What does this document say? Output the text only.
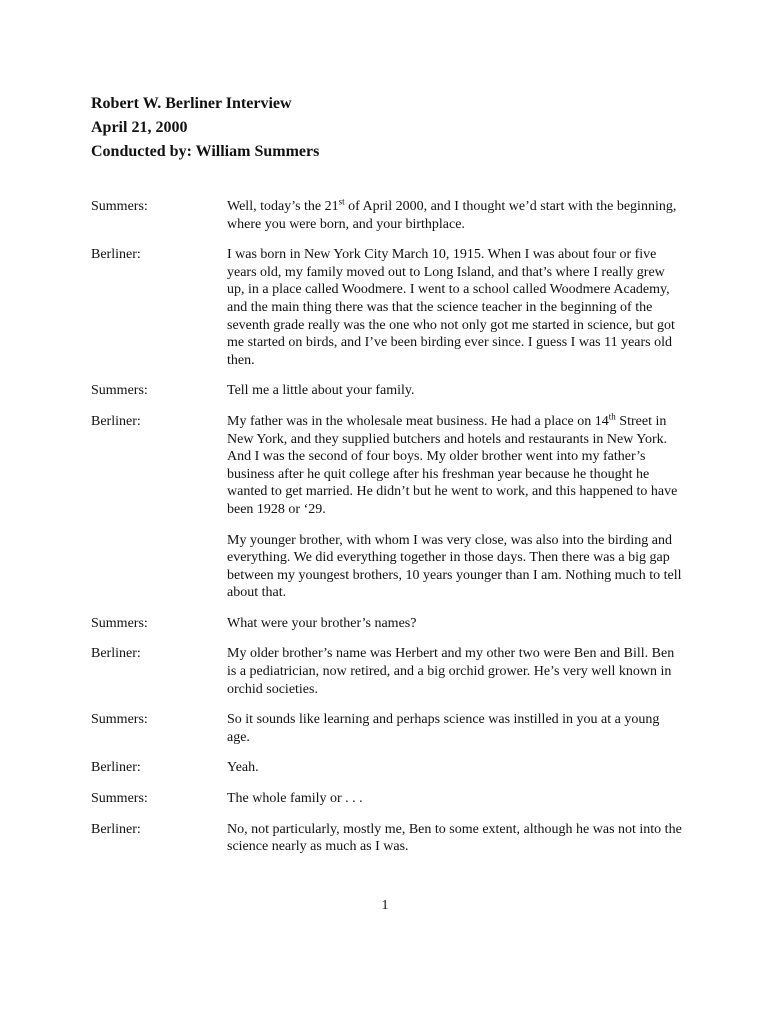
Robert W. Berliner Interview
April 21, 2000
Conducted by: William Summers
Summers:	Well, today’s the 21st of April 2000, and I thought we’d start with the beginning, where you were born, and your birthplace.

Berliner:	I was born in New York City March 10, 1915. When I was about four or five years old, my family moved out to Long Island, and that’s where I really grew up, in a place called Woodmere. I went to a school called Woodmere Academy, and the main thing there was that the science teacher in the beginning of the seventh grade really was the one who not only got me started in science, but got me started on birds, and I’ve been birding ever since. I guess I was 11 years old then.

Summers:	Tell me a little about your family.

Berliner:	My father was in the wholesale meat business. He had a place on 14th Street in New York, and they supplied butchers and hotels and restaurants in New York. And I was the second of four boys. My older brother went into my father’s business after he quit college after his freshman year because he thought he wanted to get married. He didn’t but he went to work, and this happened to have been 1928 or ‘29.

My younger brother, with whom I was very close, was also into the birding and everything. We did everything together in those days. Then there was a big gap between my youngest brothers, 10 years younger than I am. Nothing much to tell about that.

Summers:	What were your brother’s names?

Berliner:	My older brother’s name was Herbert and my other two were Ben and Bill. Ben is a pediatrician, now retired, and a big orchid grower. He’s very well known in orchid societies.

Summers:	So it sounds like learning and perhaps science was instilled in you at a young age.

Berliner:	Yeah.

Summers:	The whole family or . . .

Berliner:	No, not particularly, mostly me, Ben to some extent, although he was not into the science nearly as much as I was.

1
